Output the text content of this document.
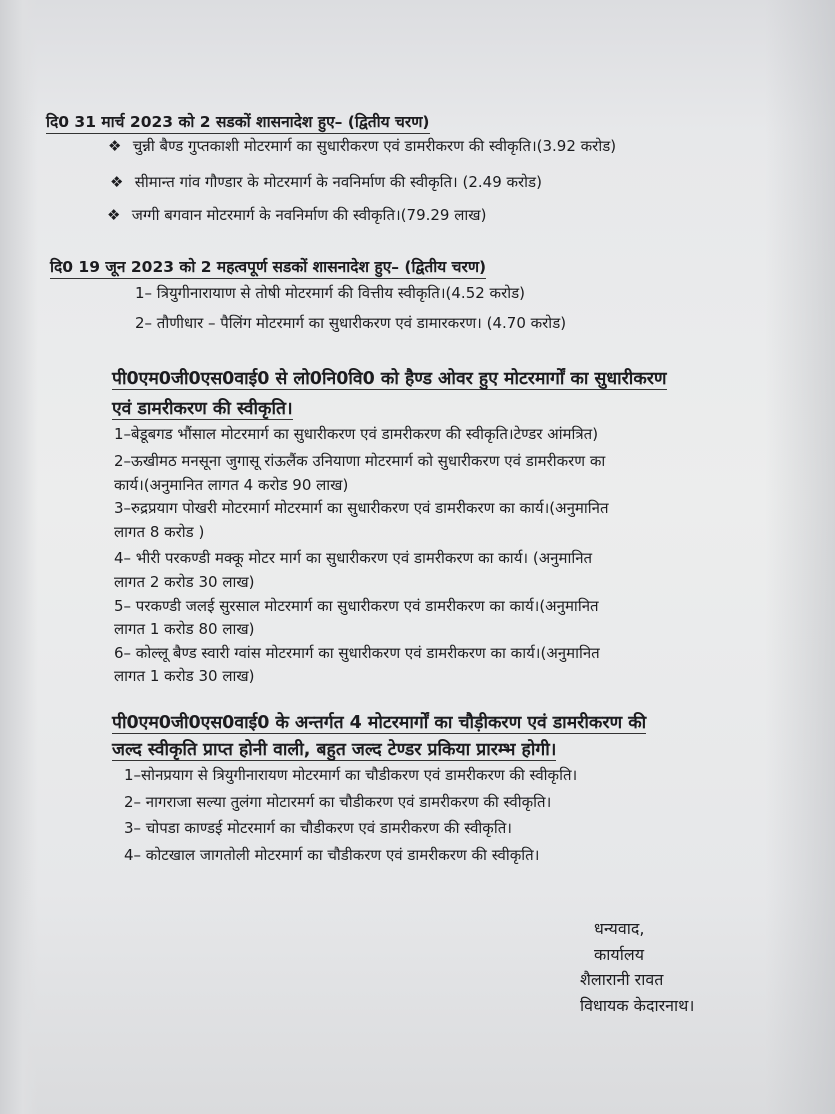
दि0 31 मार्च 2023 को 2 सडकों शासनादेश हुए– (द्वितीय चरण)
❖ चुन्नी बैण्ड गुप्तकाशी मोटरमार्ग का सुधारीकरण एवं डामरीकरण की स्वीकृति।(3.92 करोड)
❖ सीमान्त गांव गौण्डार के मोटरमार्ग के नवनिर्माण की स्वीकृति। (2.49 करोड)
❖ जग्गी बगवान मोटरमार्ग के नवनिर्माण की स्वीकृति।(79.29 लाख)
दि0 19 जून 2023 को 2 महत्वपूर्ण सडकों शासनादेश हुए– (द्वितीय चरण)
1– त्रियुगीनारायाण से तोषी मोटरमार्ग की वित्तीय स्वीकृति।(4.52 करोड)
2– तौणीधार – पैलिंग मोटरमार्ग का सुधारीकरण एवं डामारकरण। (4.70 करोड)
पी0एम0जी0एस0वाई0 से लो0नि0वि0 को हैण्ड ओवर हुए मोटरमार्गों का सुधारीकरण
एवं डामरीकरण की स्वीकृति।
1–बेडूबगड भौंसाल मोटरमार्ग का सुधारीकरण एवं डामरीकरण की स्वीकृति।टेण्डर आंमत्रित)
2–ऊखीमठ मनसूना जुगासू रांऊलैंक उनियाणा मोटरमार्ग को सुधारीकरण एवं डामरीकरण का
कार्य।(अनुमानित लागत 4 करोड 90 लाख)
3–रुद्रप्रयाग पोखरी मोटरमार्ग मोटरमार्ग का सुधारीकरण एवं डामरीकरण का कार्य।(अनुमानित
लागत 8 करोड )
4– भीरी परकण्डी मक्कू मोटर मार्ग का सुधारीकरण एवं डामरीकरण का कार्य। (अनुमानित
लागत 2 करोड 30 लाख)
5– परकण्डी जलई सुरसाल मोटरमार्ग का सुधारीकरण एवं डामरीकरण का कार्य।(अनुमानित
लागत 1 करोड 80 लाख)
6– कोल्लू बैण्ड स्वारी ग्वांस मोटरमार्ग का सुधारीकरण एवं डामरीकरण का कार्य।(अनुमानित
लागत 1 करोड 30 लाख)
पी0एम0जी0एस0वाई0 के अन्तर्गत 4 मोटरमार्गों का चौड़ीकरण एवं डामरीकरण की
जल्द स्वीकृति प्राप्त होनी वाली, बहुत जल्द टेण्डर प्रकिया प्रारम्भ होगी।
1–सोनप्रयाग से त्रियुगीनारायण मोटरमार्ग का चौडीकरण एवं डामरीकरण की स्वीकृति।
2– नागराजा सल्या तुलंगा मोटारमर्ग का चौडीकरण एवं डामरीकरण की स्वीकृति।
3– चोपडा काण्डई मोटरमार्ग का चौडीकरण एवं डामरीकरण की स्वीकृति।
4– कोटखाल जागतोली मोटरमार्ग का चौडीकरण एवं डामरीकरण की स्वीकृति।
धन्यवाद,
कार्यालय
शैलारानी रावत
विधायक केदारनाथ।
